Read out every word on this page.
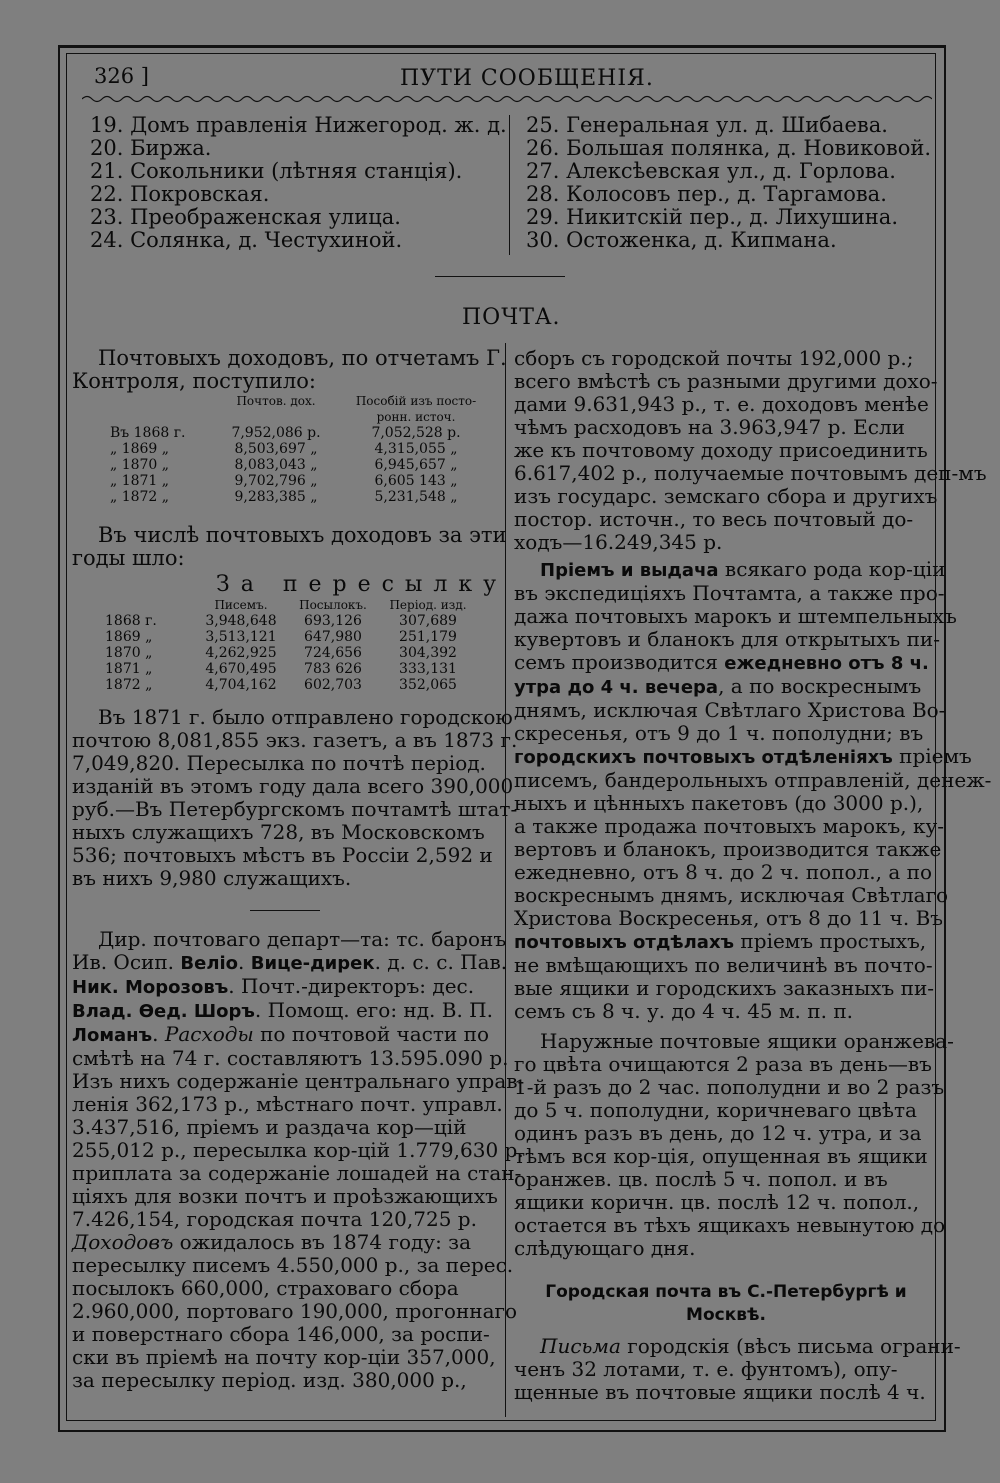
326 ]	ПУТИ СООБЩЕНІЯ.
19. Домъ правленія Нижегород. ж. д.
20. Биржа.
21. Сокольники (лѣтняя станція).
22. Покровская.
23. Преображенская улица.
24. Солянка, д. Честухиной.
25. Генеральная ул. д. Шибаева.
26. Большая полянка, д. Новиковой.
27. Алексѣевская ул., д. Горлова.
28. Колосовъ пер., д. Таргамова.
29. Никитскій пер., д. Лихушина.
30. Остоженка, д. Кипмана.
ПОЧТА.
Почтовыхъ доходовъ, по отчетамъ Г.
Контроля, поступило:
	Почтов. дох.	Пособій изъ посто-
		ронн. источ.
Въ 1868 г.	7,952,086 р.	7,052,528 р.
„ 1869 „	8,503,697 „	4,315,055 „
„ 1870 „	8,083,043 „	6,945,657 „
„ 1871 „	9,702,796 „	6,605 143 „
„ 1872 „	9,283,385 „	5,231,548 „
Въ числѣ почтовыхъ доходовъ за эти
годы шло:
За пересылку
	Писемъ.	Посылокъ.	Період. изд.
1868 г.	3,948,648	693,126	307,689
1869 „	3,513,121	647,980	251,179
1870 „	4,262,925	724,656	304,392
1871 „	4,670,495	783 626	333,131
1872 „	4,704,162	602,703	352,065
Въ 1871 г. было отправлено городскою
почтою 8,081,855 экз. газетъ, а въ 1873 г.
7,049,820. Пересылка по почтѣ період.
изданій въ этомъ году дала всего 390,000
руб.—Въ Петербургскомъ почтамтѣ штат-
ныхъ служащихъ 728, въ Московскомъ
536; почтовыхъ мѣстъ въ Россіи 2,592 и
въ нихъ 9,980 служащихъ.
Дир. почтоваго департ—та: тс. баронъ
Ив. Осип. Веліо. Вице-дирек. д. с. с. Пав.
Ник. Морозовъ. Почт.-директоръ: дес.
Влад. Ѳед. Шоръ. Помощ. его: нд. В. П.
Ломанъ. Расходы по почтовой части по
смѣтѣ на 74 г. составляютъ 13.595.090 р.
Изъ нихъ содержаніе центральнаго управ-
ленія 362,173 р., мѣстнаго почт. управл.
3.437,516, пріемъ и раздача кор—цій
255,012 р., пересылка кор-цій 1.779,630 р.
приплата за содержаніе лошадей на стан-
ціяхъ для возки почтъ и проѣзжающихъ
7.426,154, городская почта 120,725 р.
Доходовъ ожидалось въ 1874 году: за
пересылку писемъ 4.550,000 р., за перес.
посылокъ 660,000, страховаго сбора
2.960,000, портоваго 190,000, прогоннаго
и поверстнаго сбора 146,000, за роспи-
ски въ пріемѣ на почту кор-ціи 357,000,
за пересылку період. изд. 380,000 р.,
сборъ съ городской почты 192,000 р.;
всего вмѣстѣ съ разными другими дохо-
дами 9.631,943 р., т. е. доходовъ менѣе
чѣмъ расходовъ на 3.963,947 р. Если
же къ почтовому доходу присоединить
6.617,402 р., получаемые почтовымъ деп-мъ
изъ государс. земскаго сбора и другихъ
постор. источн., то весь почтовый до-
ходъ—16.249,345 р.
Пріемъ и выдача всякаго рода кор-ціи
въ экспедиціяхъ Почтамта, а также про-
дажа почтовыхъ марокъ и штемпельныхъ
кувертовъ и бланокъ для открытыхъ пи-
семъ производится ежедневно отъ 8 ч.
утра до 4 ч. вечера, а по воскреснымъ
днямъ, исключая Свѣтлаго Христова Во-
скресенья, отъ 9 до 1 ч. пополудни; въ
городскихъ почтовыхъ отдѣленіяхъ пріемъ
писемъ, бандерольныхъ отправленій, денеж-
ныхъ и цѣнныхъ пакетовъ (до 3000 р.),
а также продажа почтовыхъ марокъ, ку-
вертовъ и бланокъ, производится также
ежедневно, отъ 8 ч. до 2 ч. попол., а по
воскреснымъ днямъ, исключая Свѣтлаго
Христова Воскресенья, отъ 8 до 11 ч. Въ
почтовыхъ отдѣлахъ пріемъ простыхъ,
не вмѣщающихъ по величинѣ въ почто-
вые ящики и городскихъ заказныхъ пи-
семъ съ 8 ч. у. до 4 ч. 45 м. п. п.
Наружные почтовые ящики оранжева-
го цвѣта очищаются 2 раза въ день—въ
1-й разъ до 2 час. пополудни и во 2 разъ
до 5 ч. пополудни, коричневаго цвѣта
одинъ разъ въ день, до 12 ч. утра, и за
тѣмъ вся кор-ція, опущенная въ ящики
оранжев. цв. послѣ 5 ч. попол. и въ
ящики коричн. цв. послѣ 12 ч. попол.,
остается въ тѣхъ ящикахъ невынутою до
слѣдующаго дня.
Городская почта въ С.-Петербургѣ и
Москвѣ.
Письма городскія (вѣсъ письма ограни-
ченъ 32 лотами, т. е. фунтомъ), опу-
щенные въ почтовые ящики послѣ 4 ч.
